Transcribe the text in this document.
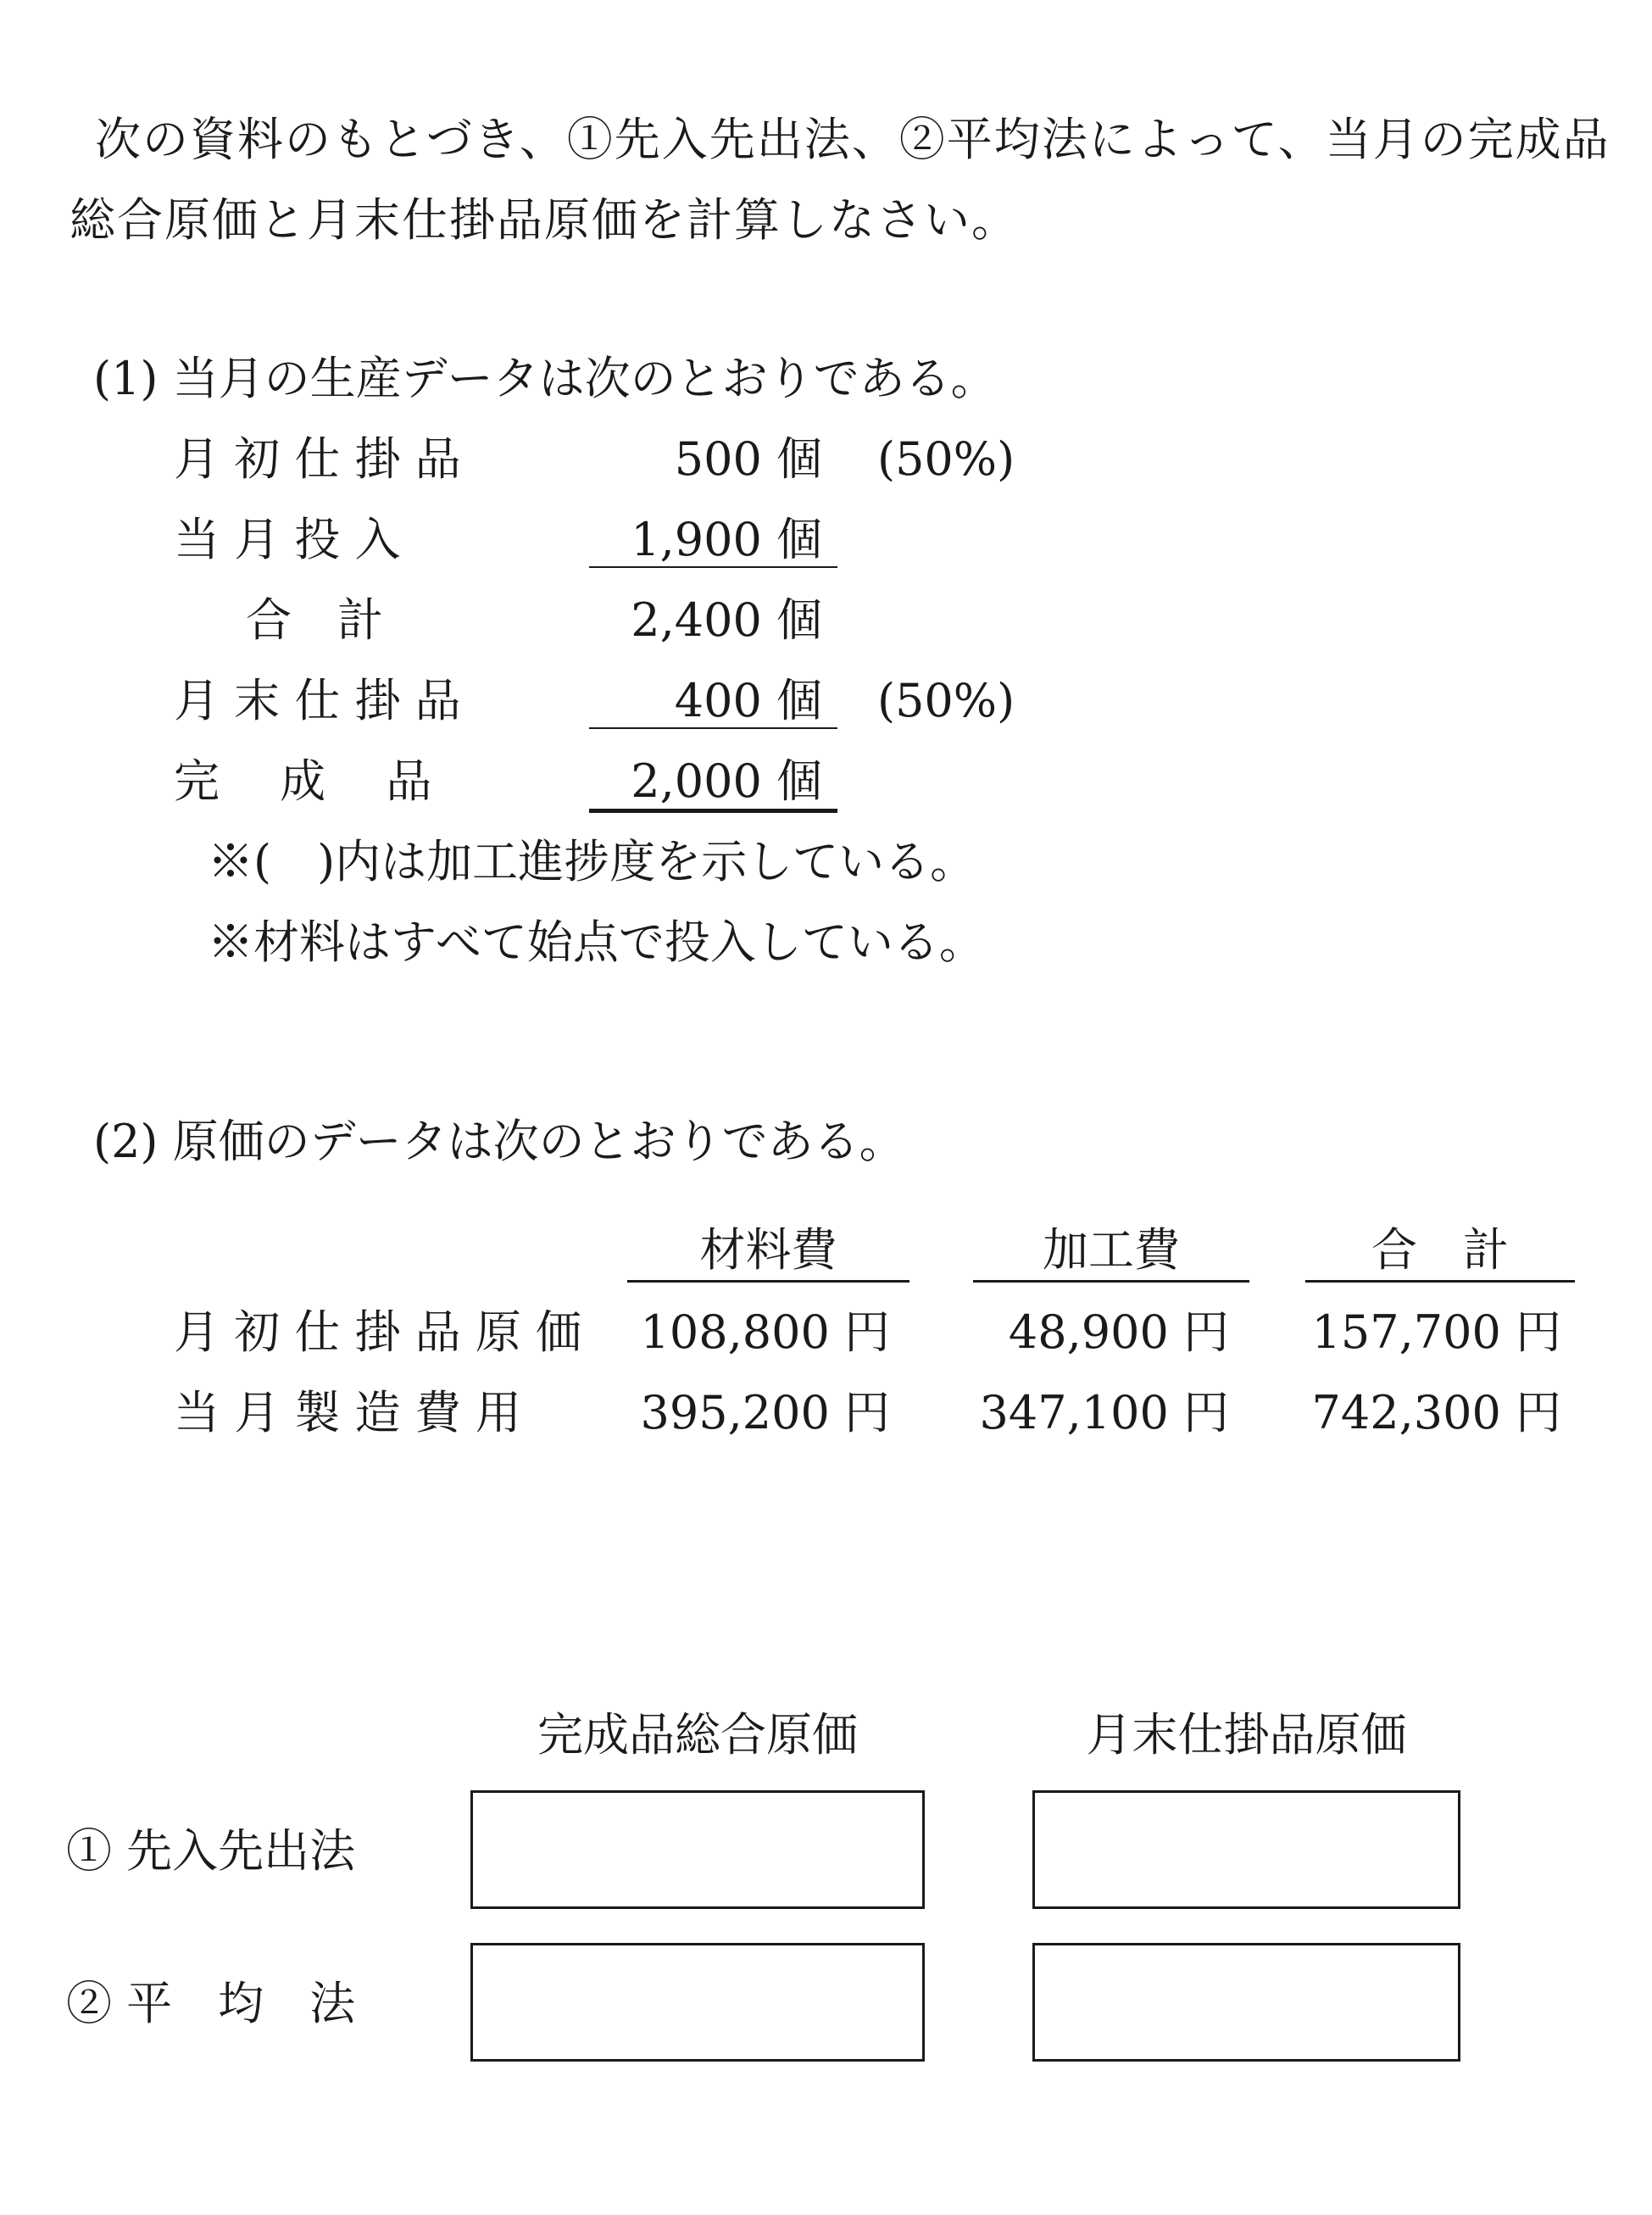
次の資料のもとづき、①先入先出法、②平均法によって、当月の完成品
総合原価と月末仕掛品原価を計算しなさい。
(1) 当月の生産データは次のとおりである。
月 初 仕 掛 品	500 個 (50%)
当 月 投 入	1,900 個
合　計	2,400 個
月 末 仕 掛 品	400 個 (50%)
完　 成　 品	2,000 個
※(　)内は加工進捗度を示している。
※材料はすべて始点で投入している。
(2) 原価のデータは次のとおりである。
材料費	加工費	合　計
月 初 仕 掛 品 原 価 108,800 円	48,900 円 157,700 円
当 月 製 造 費 用	395,200 円 347,100 円 742,300 円
完成品総合原価	月末仕掛品原価
① 先入先出法
② 平　均　法
